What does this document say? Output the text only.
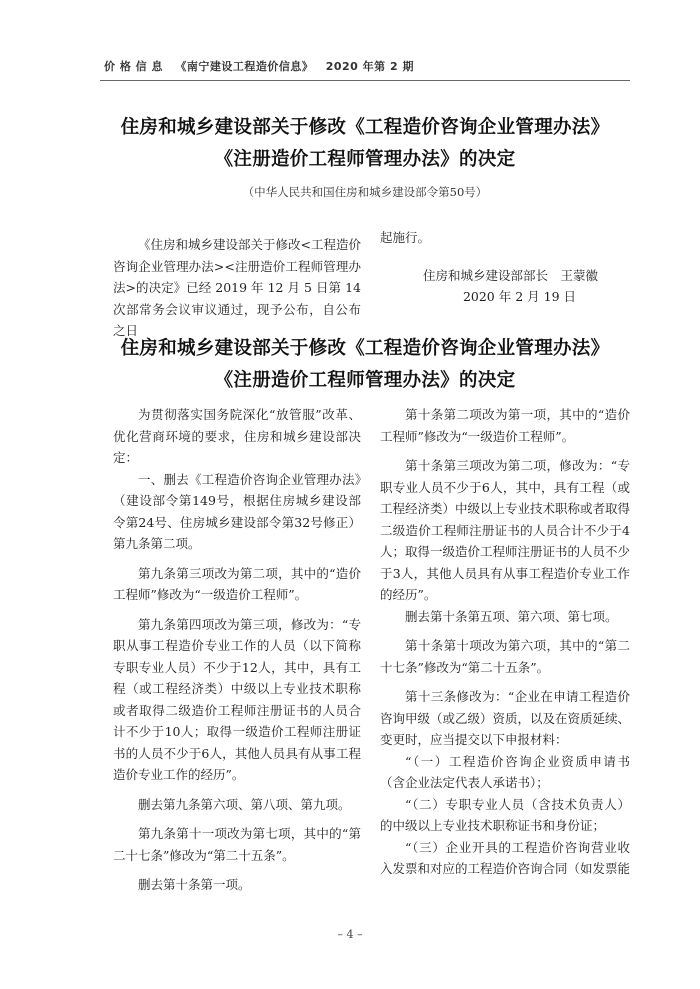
价 格 信 息 《南宁建设工程造价信息》 2020 年第 2 期
住房和城乡建设部关于修改《工程造价咨询企业管理办法》
《注册造价工程师管理办法》的决定
（中华人民共和国住房和城乡建设部令第50号）

《住房和城乡建设部关于修改<工程造价咨询企业管理办法><注册造价工程师管理办法>的决定》已经 2019 年 12 月 5 日第 14 次部常务会议审议通过，现予公布，自公布之日

起施行。

住房和城乡建设部部长　王蒙徽

2020 年 2 月 19 日

住房和城乡建设部关于修改《工程造价咨询企业管理办法》
《注册造价工程师管理办法》的决定

为贯彻落实国务院深化“放管服”改革、优化营商环境的要求，住房和城乡建设部决定：

一、删去《工程造价咨询企业管理办法》（建设部令第149号，根据住房城乡建设部令第24号、住房城乡建设部令第32号修正）第九条第二项。

第九条第三项改为第二项，其中的“造价工程师”修改为“一级造价工程师”。

第九条第四项改为第三项，修改为：“专职从事工程造价专业工作的人员（以下简称专职专业人员）不少于12人，其中，具有工程（或工程经济类）中级以上专业技术职称或者取得二级造价工程师注册证书的人员合计不少于10人；取得一级造价工程师注册证书的人员不少于6人，其他人员具有从事工程造价专业工作的经历”。

删去第九条第六项、第八项、第九项。

第九条第十一项改为第七项，其中的“第二十七条”修改为“第二十五条”。

删去第十条第一项。

第十条第二项改为第一项，其中的“造价工程师”修改为“一级造价工程师”。

第十条第三项改为第二项，修改为：“专职专业人员不少于6人，其中，具有工程（或工程经济类）中级以上专业技术职称或者取得二级造价工程师注册证书的人员合计不少于4人；取得一级造价工程师注册证书的人员不少于3人，其他人员具有从事工程造价专业工作的经历”。

删去第十条第五项、第六项、第七项。

第十条第十项改为第六项，其中的“第二十七条”修改为“第二十五条”。

第十三条修改为：“企业在申请工程造价咨询甲级（或乙级）资质，以及在资质延续、变更时，应当提交以下申报材料：

“（一）工程造价咨询企业资质申请书（含企业法定代表人承诺书）；

“（二）专职专业人员（含技术负责人）的中级以上专业技术职称证书和身份证；

“（三）企业开具的工程造价咨询营业收入发票和对应的工程造价咨询合同（如发票能

– 4 –
